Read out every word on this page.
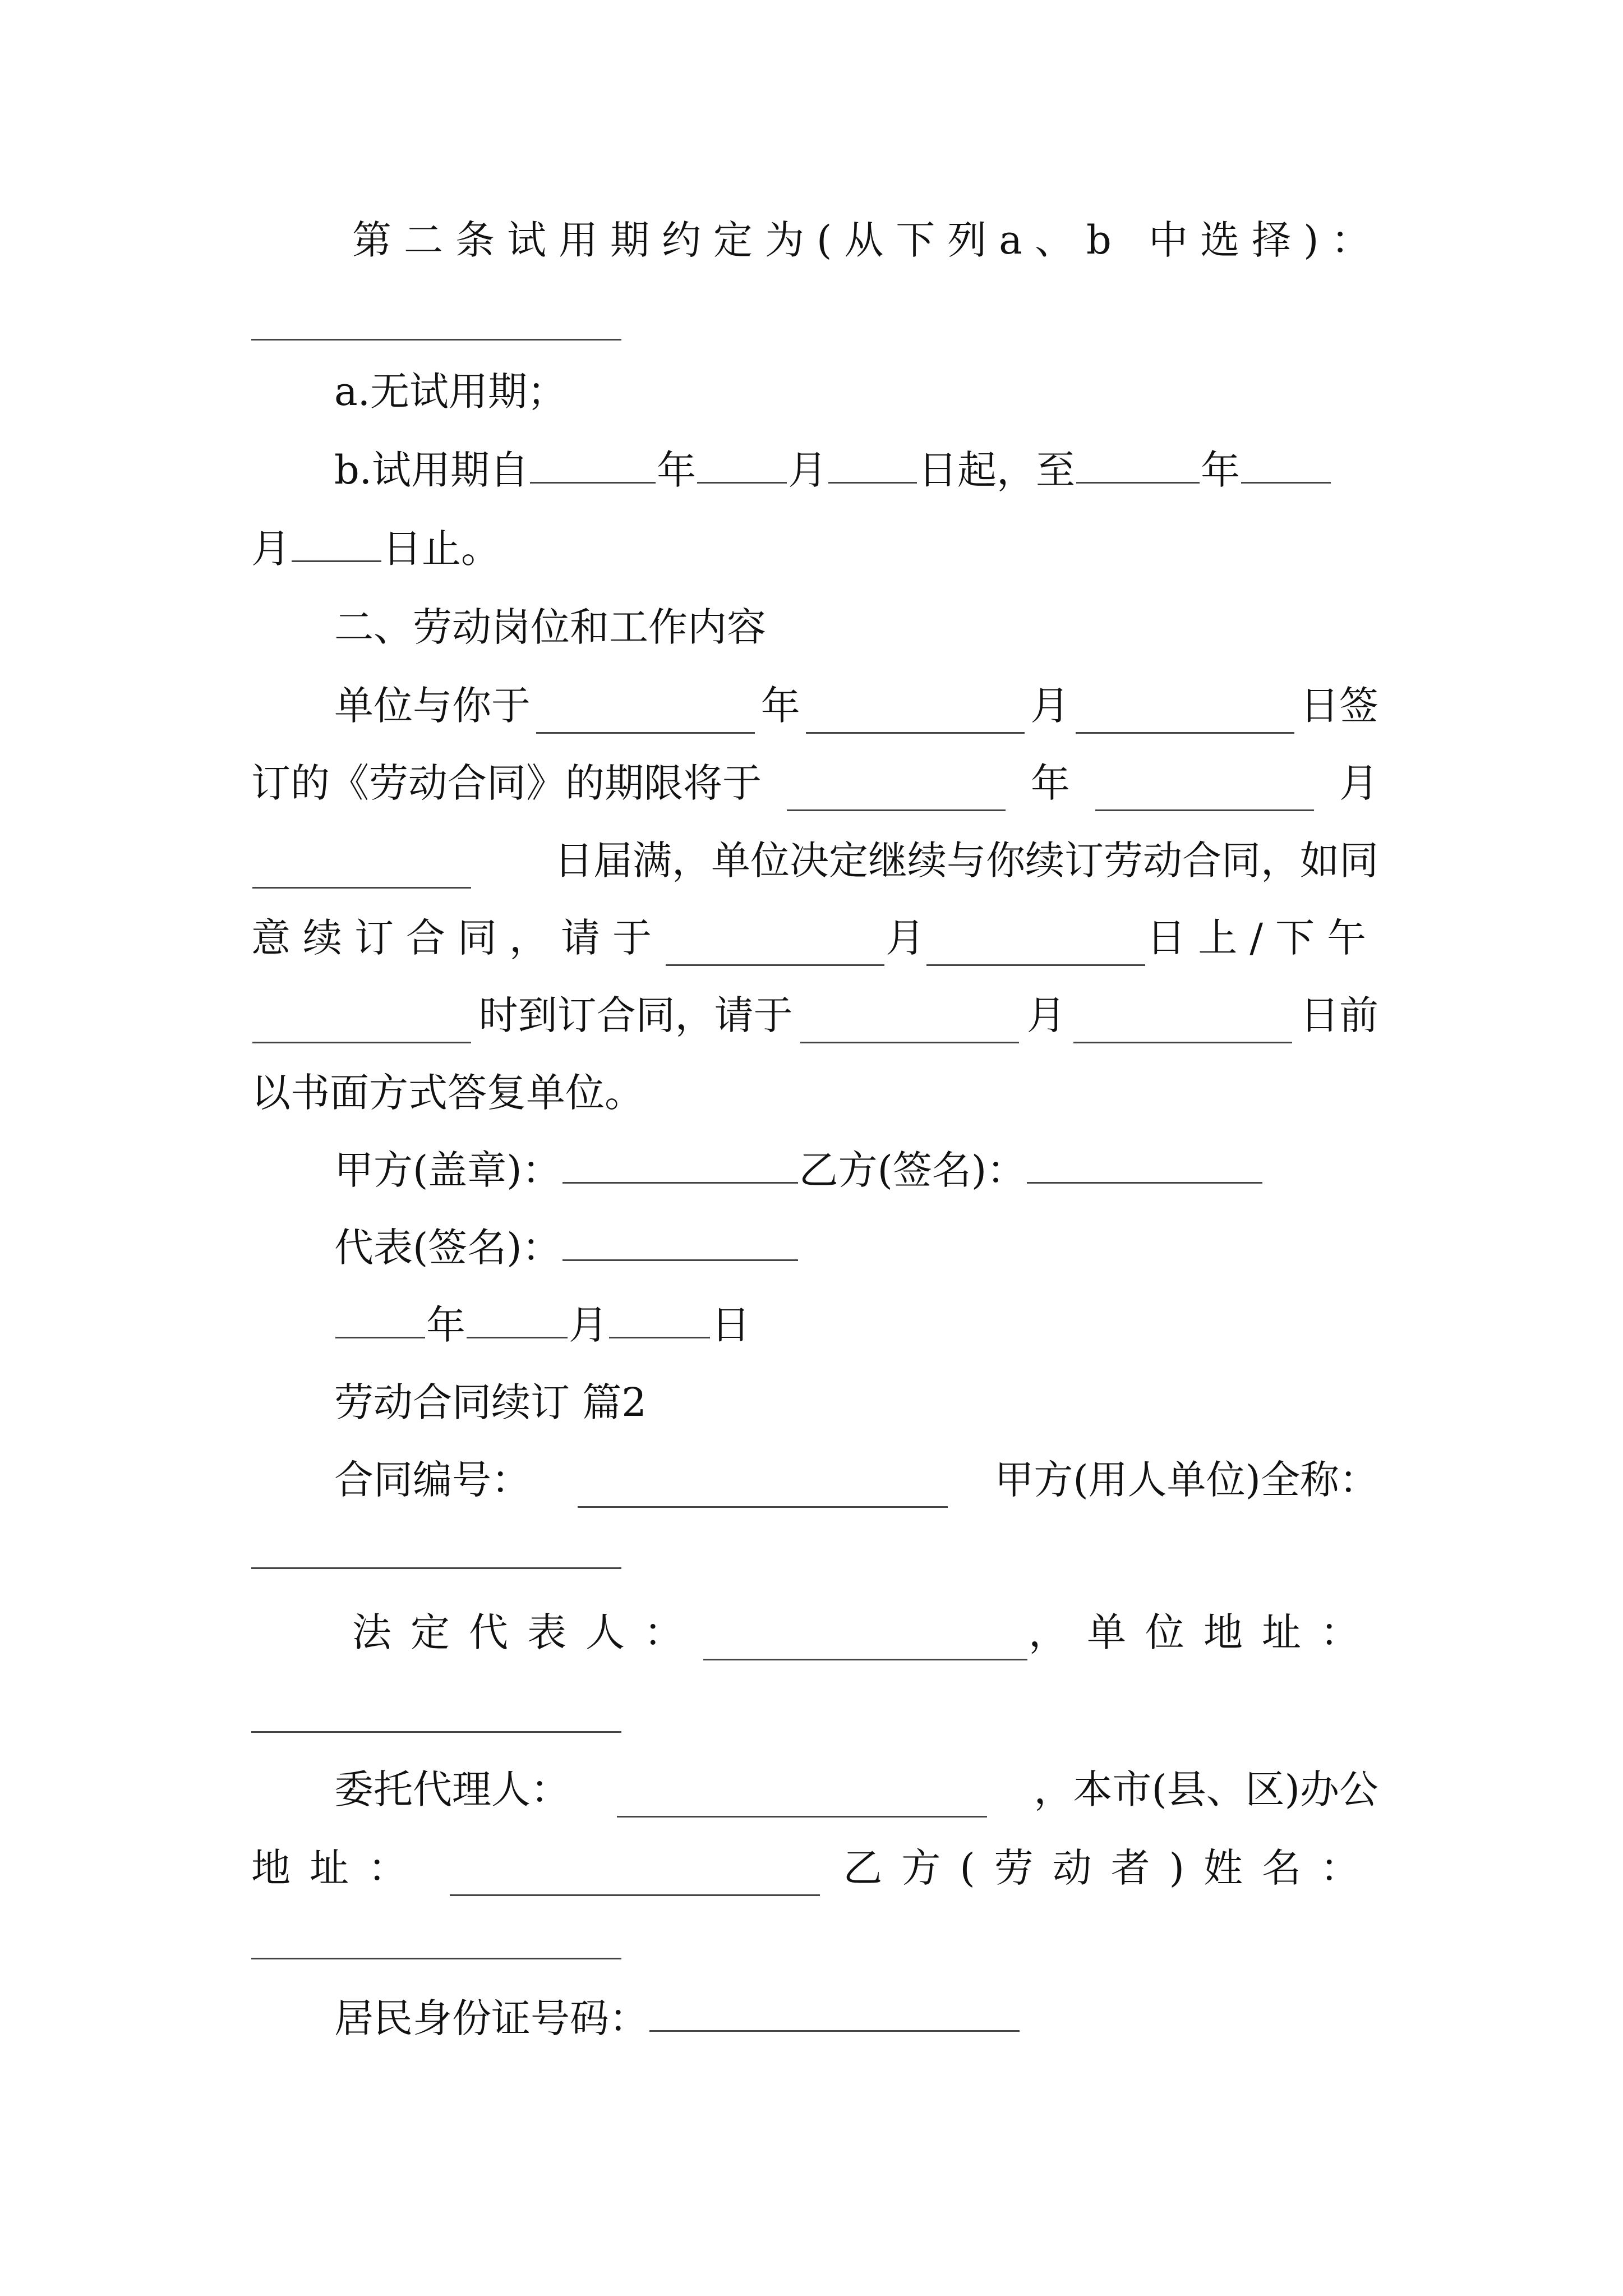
第二条试用期约定为(从下列a、b 中选择)：
a.无试用期；
b.试用期自	年 月 日起，至	年
月 日止。
二、劳动岗位和工作内容
单位与你于	年	月	日签
订的《劳动合同》的期限将于	年	月
日届满，单位决定继续与你续订劳动合同，如同
意续订合同，请于	月	日上/下午
时到订合同，请于	月	日前
以书面方式答复单位。
甲方(盖章)：	乙方(签名)：
代表(签名)：
年	月	日
劳动合同续订 篇2
合同编号：	甲方(用人单位)全称：
法定代表人：	，单位地址：
委托代理人：	，本市(县、区)办公
地址：	乙方(劳动者)姓名：
居民身份证号码：
